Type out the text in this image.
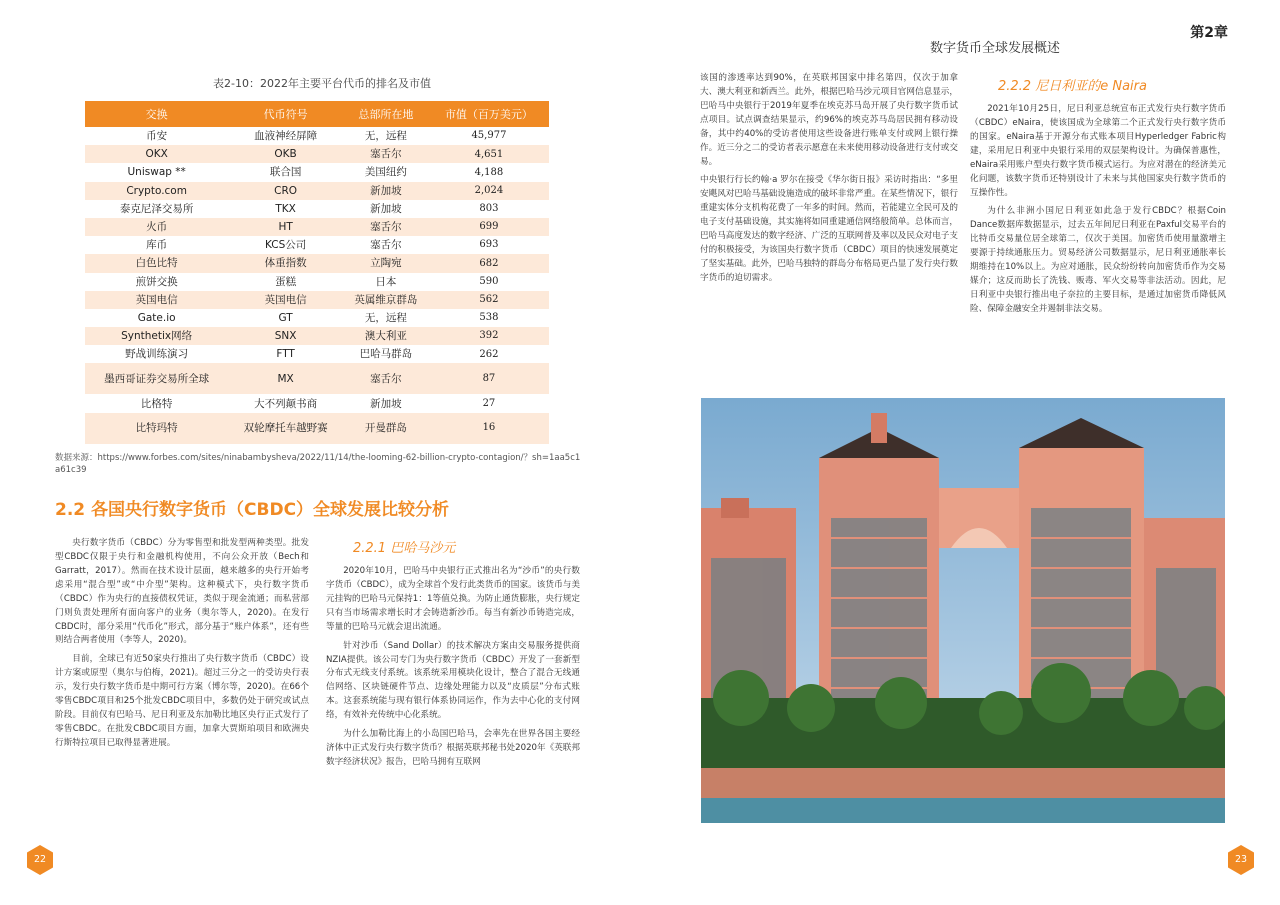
第2章
数字货币全球发展概述
表2-10：2022年主要平台代币的排名及市值
交换	代币符号	总部所在地	市值（百万美元）
币安	血液神经屏障	无，远程	45,977
OKX	OKB	塞舌尔	4,651
Uniswap **	联合国	美国纽约	4,188
Crypto.com	CRO	新加坡	2,024
泰克尼泽交易所	TKX	新加坡	803
火币	HT	塞舌尔	699
库币	KCS公司	塞舌尔	693
白色比特	体重指数	立陶宛	682
煎饼交换	蛋糕	日本	590
英国电信	英国电信	英属维京群岛	562
Gate.io	GT	无，远程	538
Synthetix网络	SNX	澳大利亚	392
野战训练演习	FTT	巴哈马群岛	262
墨西哥证券交易所全球	MX	塞舌尔	87
比格特	大不列颠书商	新加坡	27
比特玛特	双轮摩托车越野赛	开曼群岛	16
数据来源：https://www.forbes.com/sites/ninabambysheva/2022/11/14/the-looming-62-billion-crypto-contagion/？sh=1aa5c1a61c39
2.2 各国央行数字货币（CBDC）全球发展比较分析

央行数字货币（CBDC）分为零售型和批发型两种类型。批发型CBDC仅限于央行和金融机构使用，不向公众开放（Bech和Garratt，2017）。然而在技术设计层面，越来越多的央行开始考虑采用“混合型”或“中介型”架构。这种模式下，央行数字货币（CBDC）作为央行的直接债权凭证，类似于现金流通；而私营部门则负责处理所有面向客户的业务（奥尔等人，2020)。在发行CBDC时，部分采用“代币化”形式，部分基于“账户体系”，还有些则结合两者使用（李等人，2020)。

目前，全球已有近50家央行推出了央行数字货币（CBDC）设计方案或原型（奥尔与伯梅，2021)。超过三分之一的受访央行表示，发行央行数字货币是中期可行方案（博尔等，2020)。在66个零售CBDC项目和25个批发CBDC项目中，多数仍处于研究或试点阶段。目前仅有巴哈马、尼日利亚及东加勒比地区央行正式发行了零售CBDC。在批发CBDC项目方面，加拿大贾斯珀项目和欧洲央行斯特拉项目已取得显著进展。

2.2.1 巴哈马沙元

2020年10月，巴哈马中央银行正式推出名为“沙币”的央行数字货币（CBDC），成为全球首个发行此类货币的国家。该货币与美元挂钩的巴哈马元保持1：1等值兑换。为防止通货膨胀，央行规定只有当市场需求增长时才会铸造新沙币。每当有新沙币铸造完成，等量的巴哈马元就会退出流通。

针对沙币（Sand Dollar）的技术解决方案由交易服务提供商NZIA提供。该公司专门为央行数字货币（CBDC）开发了一套新型分布式无线支付系统。该系统采用模块化设计，整合了混合无线通信网络、区块链硬件节点、边缘处理能力以及“皮质层”分布式账本。这套系统能与现有银行体系协同运作，作为去中心化的支付网络，有效补充传统中心化系统。

为什么加勒比海上的小岛国巴哈马，会率先在世界各国主要经济体中正式发行央行数字货币？根据英联邦秘书处2020年《英联邦数字经济状况》报告，巴哈马拥有互联网

22

该国的渗透率达到90%，在英联邦国家中排名第四，仅次于加拿大、澳大利亚和新西兰。此外，根据巴哈马沙元项目官网信息显示，巴哈马中央银行于2019年夏季在埃克苏马岛开展了央行数字货币试点项目。试点调查结果显示，约96%的埃克苏马岛居民拥有移动设备，其中约40%的受访者使用这些设备进行账单支付或网上银行操作。近三分之二的受访者表示愿意在未来使用移动设备进行支付或交易。

中央银行行长约翰·a 罗尔在接受《华尔街日报》采访时指出：“多里安飓风对巴哈马基础设施造成的破坏非常严重。在某些情况下，银行重建实体分支机构花费了一年多的时间。然而，若能建立全民可及的电子支付基础设施，其实施将如同重建通信网络般简单。总体而言，巴哈马高度发达的数字经济、广泛的互联网普及率以及民众对电子支付的积极接受，为该国央行数字货币（CBDC）项目的快速发展奠定了坚实基础。此外，巴哈马独特的群岛分布格局更凸显了发行央行数字货币的迫切需求。

2.2.2 尼日利亚的e Naira

2021年10月25日，尼日利亚总统宣布正式发行央行数字货币（CBDC）eNaira，使该国成为全球第二个正式发行央行数字货币的国家。eNaira基于开源分布式账本项目Hyperledger Fabric构建，采用尼日利亚中央银行采用的双层架构设计。为确保普惠性，eNaira采用账户型央行数字货币模式运行。为应对潜在的经济美元化问题，该数字货币还特别设计了未来与其他国家央行数字货币的互操作性。

为什么非洲小国尼日利亚如此急于发行CBDC？根据Coin Dance数据库数据显示，过去五年间尼日利亚在Paxful交易平台的比特币交易量位居全球第二，仅次于美国。加密货币使用量激增主要源于持续通胀压力。贸易经济公司数据显示，尼日利亚通胀率长期维持在10%以上。为应对通胀，民众纷纷转向加密货币作为交易媒介；这反而助长了洗钱、贩毒、军火交易等非法活动。因此，尼日利亚中央银行推出电子奈拉的主要目标，是通过加密货币降低风险、保障金融安全并遏制非法交易。

23
